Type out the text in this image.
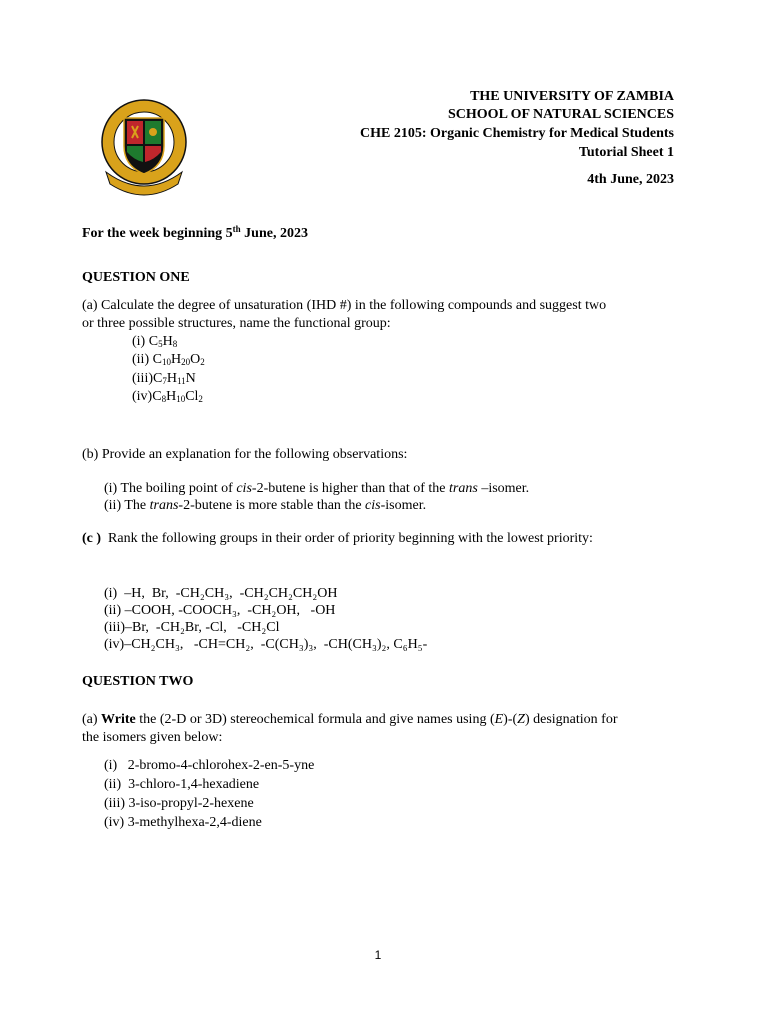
THE UNIVERSITY OF ZAMBIA
SCHOOL OF NATURAL SCIENCES
CHE 2105: Organic Chemistry for Medical Students
Tutorial Sheet 1
4th June, 2023
For the week beginning 5th June, 2023
QUESTION ONE
(a) Calculate the degree of unsaturation (IHD #) in the following compounds and suggest two
or three possible structures, name the functional group:
(i) $C_5H_8$
(ii) $C_{10}H_{20}O_2$
$(iii)C_7H_{11}N$
$(iv)C_8H_{10}Cl_2$
(b) Provide an explanation for the following observations:
(i) The boiling point of cis-2-butene is higher than that of the trans –isomer.
(ii) The trans-2-butene is more stable than the cis-isomer.
(c )  Rank the following groups in their order of priority beginning with the lowest priority:
(i)  –H,  Br,  -CH₂CH₃,  -CH₂CH₂CH₂OH
(ii) –COOH, -COOCH₃,  -CH₂OH,   -OH
(iii)–Br,  -CH₂Br, -Cl,   -CH₂Cl
(iv)–CH₂CH₃,   -CH=CH₂,  -C(CH₃)₃,  -CH(CH₃)₂, C₆H₅-
QUESTION TWO
(a) Write the (2-D or 3D) stereochemical formula and give names using (E)-(Z) designation for
the isomers given below:
(i)   2-bromo-4-chlorohex-2-en-5-yne
(ii)  3-chloro-1,4-hexadiene
(iii) 3-iso-propyl-2-hexene
(iv) 3-methylhexa-2,4-diene
1
